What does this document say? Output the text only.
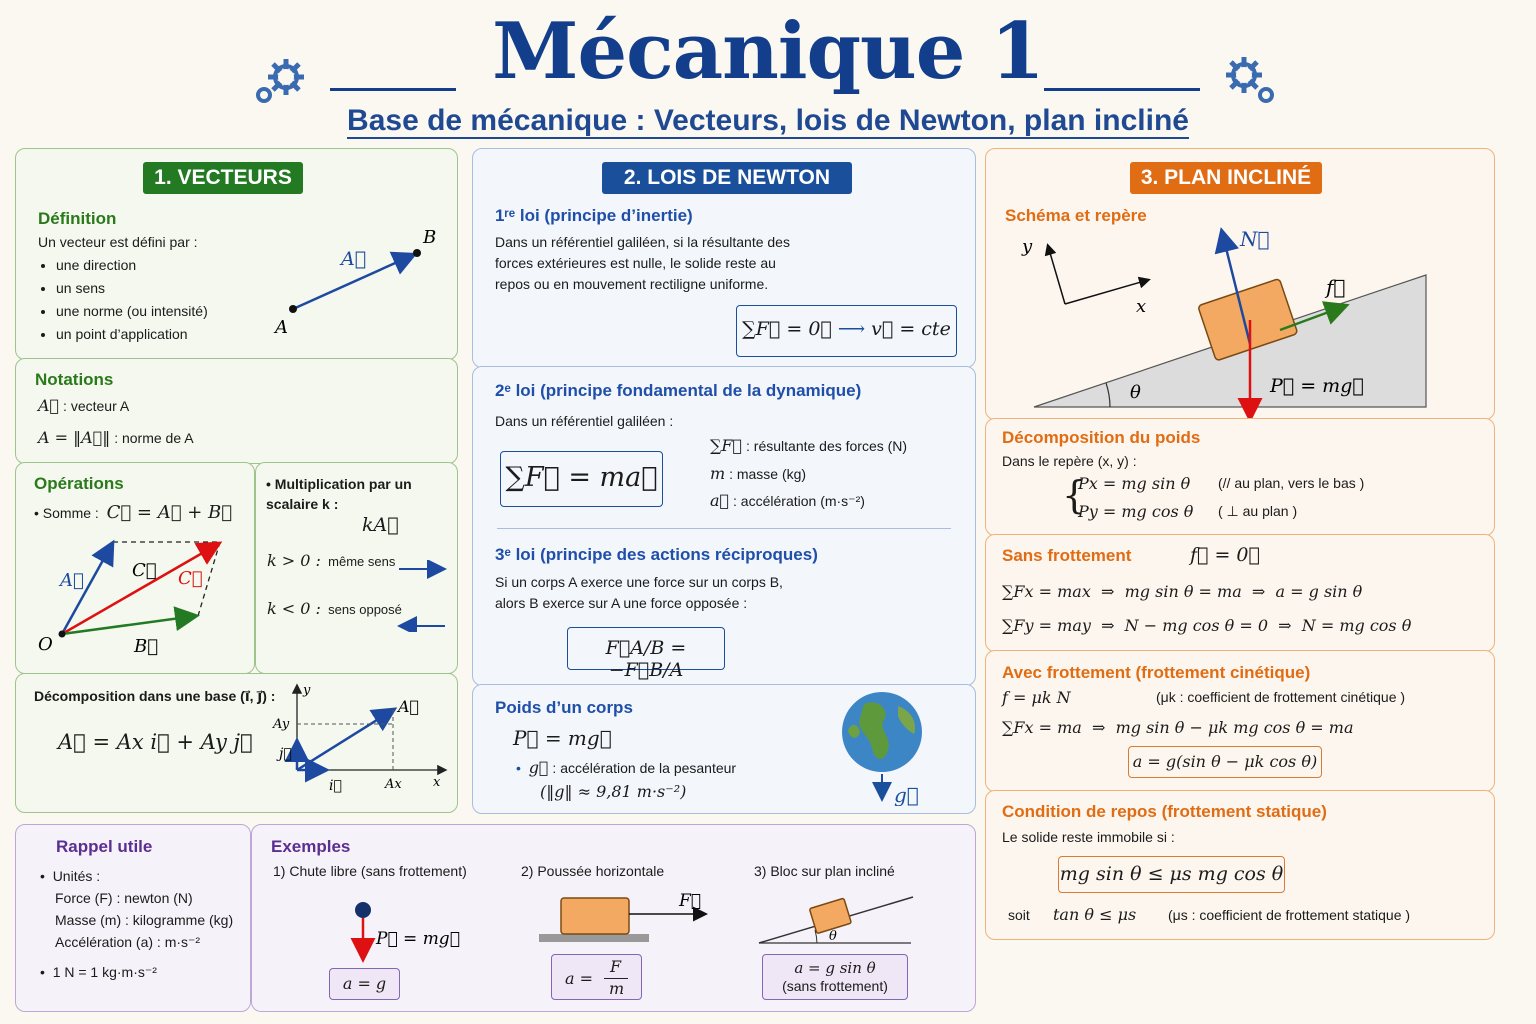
Mécanique 1
Base de mécanique : Vecteurs, lois de Newton, plan incliné
1. VECTEURS
Définition
Un vecteur est défini par :
• une direction
• un sens
• une norme (ou intensité)
• un point d’application	A
B
A⃗
Notations
A⃗ : vecteur A
A = ‖A⃗‖ : norme de A
Opérations
• Somme : C⃗ = A⃗ + B⃗
A⃗	C⃗ C⃗
O	B⃗
• Multiplication par un scalaire k :
kA⃗
k > 0 : même sens
k < 0 : sens opposé
Décomposition dans une base (i⃗, j⃗) :
A⃗ = Ax i⃗ + Ay j⃗
A⃗
Ay
j⃗
i⃗	Ax x
y
2. LOIS DE NEWTON
1ʳᵉ loi (principe d’inertie)
Dans un référentiel galiléen, si la résultante des forces extérieures est nulle, le solide reste au repos ou en mouvement rectiligne uniforme.
∑F⃗ = 0⃗ ⟶ v⃗ = cte
2ᵉ loi (principe fondamental de la dynamique)
Dans un référentiel galiléen :
∑F⃗ = ma⃗
∑F⃗ : résultante des forces (N)
m : masse (kg)
a⃗ : accélération (m·s⁻²)
3ᵉ loi (principe des actions réciproques)
Si un corps A exerce une force sur un corps B, alors B exerce sur A une force opposée :
F⃗A/B = −F⃗B/A
Poids d’un corps
P⃗ = mg⃗
• g⃗ : accélération de la pesanteur
(‖g‖ ≈ 9,81 m·s⁻²)	g⃗
3. PLAN INCLINÉ
Schéma et repère
θ
y
x
N⃗
f⃗
P⃗ = mg⃗
Décomposition du poids
Dans le repère (x, y) :
{
Px = mg sin θ (// au plan, vers le bas )
Py = mg cos θ ( ⊥ au plan )
Sans frottement	f⃗ = 0⃗
∑Fx = max  ⇒  mg sin θ = ma  ⇒  a = g sin θ
∑Fy = may  ⇒  N − mg cos θ = 0  ⇒  N = mg cos θ
Avec frottement (frottement cinétique)
f = μk N	(μk : coefficient de frottement cinétique )
∑Fx = ma  ⇒  mg sin θ − μk mg cos θ = ma
a = g(sin θ − μk cos θ)
Condition de repos (frottement statique)
Le solide reste immobile si :
mg sin θ ≤ μs mg cos θ
soit tan θ ≤ μs (μs : coefficient de frottement statique )
Rappel utile
•  Unités :
Force (F) : newton (N)
Masse (m) : kilogramme (kg)
Accélération (a) : m·s⁻²
•  1 N = 1 kg·m·s⁻²
Exemples
1) Chute libre (sans frottement)	2) Poussée horizontale	3) Bloc sur plan incliné
P⃗ = mg⃗
a = g
F⃗
a =
F
m
θ
a = g sin θ
(sans frottement)
